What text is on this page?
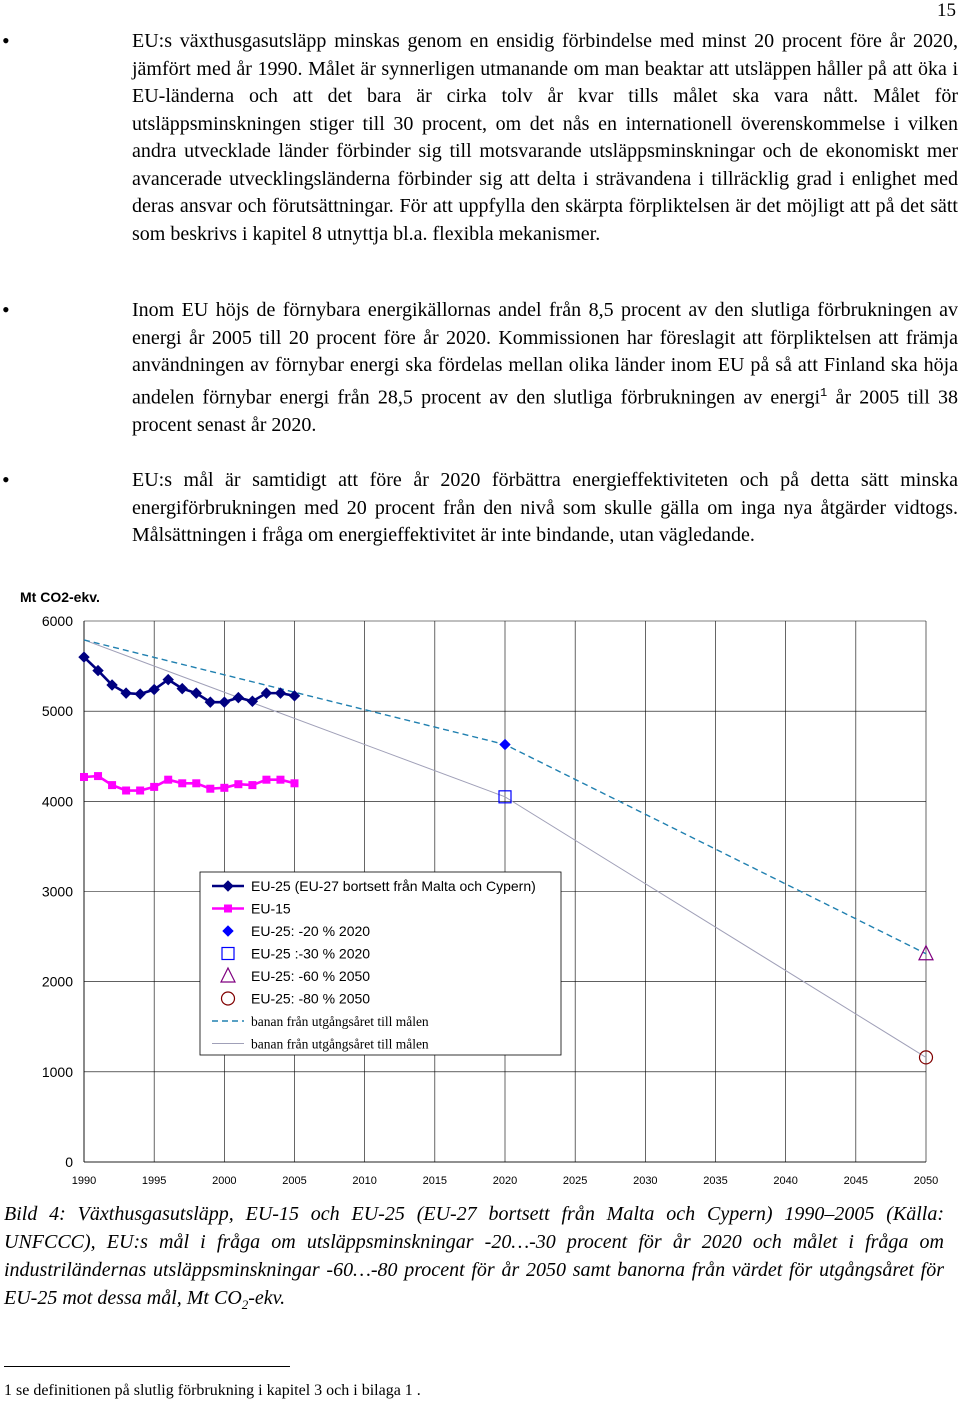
15
•	EU:s växthusgasutsläpp minskas genom en ensidig förbindelse med minst 20 procent före år 2020, jämfört med år 1990. Målet är synnerligen utmanande om man beaktar att utsläppen håller på att öka i EU-länderna och att det bara är cirka tolv år kvar tills målet ska vara nått. Målet för utsläppsminskningen stiger till 30 procent, om det nås en internationell överenskommelse i vilken andra utvecklade länder förbinder sig till motsvarande utsläppsminskningar och de ekonomiskt mer avancerade utvecklingsländerna förbinder sig att delta i strävandena i tillräcklig grad i enlighet med deras ansvar och förutsättningar. För att uppfylla den skärpta förpliktelsen är det möjligt att på det sätt som beskrivs i kapitel 8 utnyttja bl.a. flexibla mekanismer.
•	Inom EU höjs de förnybara energikällornas andel från 8,5 procent av den slutliga förbrukningen av energi år 2005 till 20 procent före år 2020. Kommissionen har föreslagit att förpliktelsen att främja användningen av förnybar energi ska fördelas mellan olika länder inom EU på så att Finland ska höja andelen förnybar energi från 28,5 procent av den slutliga förbrukningen av energi$^1$ år 2005 till 38 procent senast år 2020.
•	EU:s mål är samtidigt att före år 2020 förbättra energieffektiviteten och på detta sätt minska energiförbrukningen med 20 procent från den nivå som skulle gälla om inga nya åtgärder vidtogs. Målsättningen i fråga om energieffektivitet är inte bindande, utan vägledande.
0
1000
2000
3000
4000
5000
6000
1990	1995	2000	2005	2010	2015	2020	2025	2030	2035	2040	2045	2050
Mt CO2-ekv.
EU-25 (EU-27 bortsett från Malta och Cypern)
EU-15
EU-25: -20 % 2020
EU-25 :-30 % 2020
EU-25: -60 % 2050
EU-25: -80 % 2050
banan från utgångsåret till målen
banan från utgångsåret till målen
Bild 4: Växthusgasutsläpp, EU-15 och EU-25 (EU-27 bortsett från Malta och Cypern) 1990–2005 (Källa: UNFCCC), EU:s mål i fråga om utsläppsminskningar -20…-30 procent för år 2020 och målet i fråga om industriländernas utsläppsminskningar -60…-80 procent för år 2050 samt banorna från värdet för utgångsåret för EU-25 mot dessa mål, Mt $CO_2$-ekv.
1 se definitionen på slutlig förbrukning i kapitel 3 och i bilaga 1 .
